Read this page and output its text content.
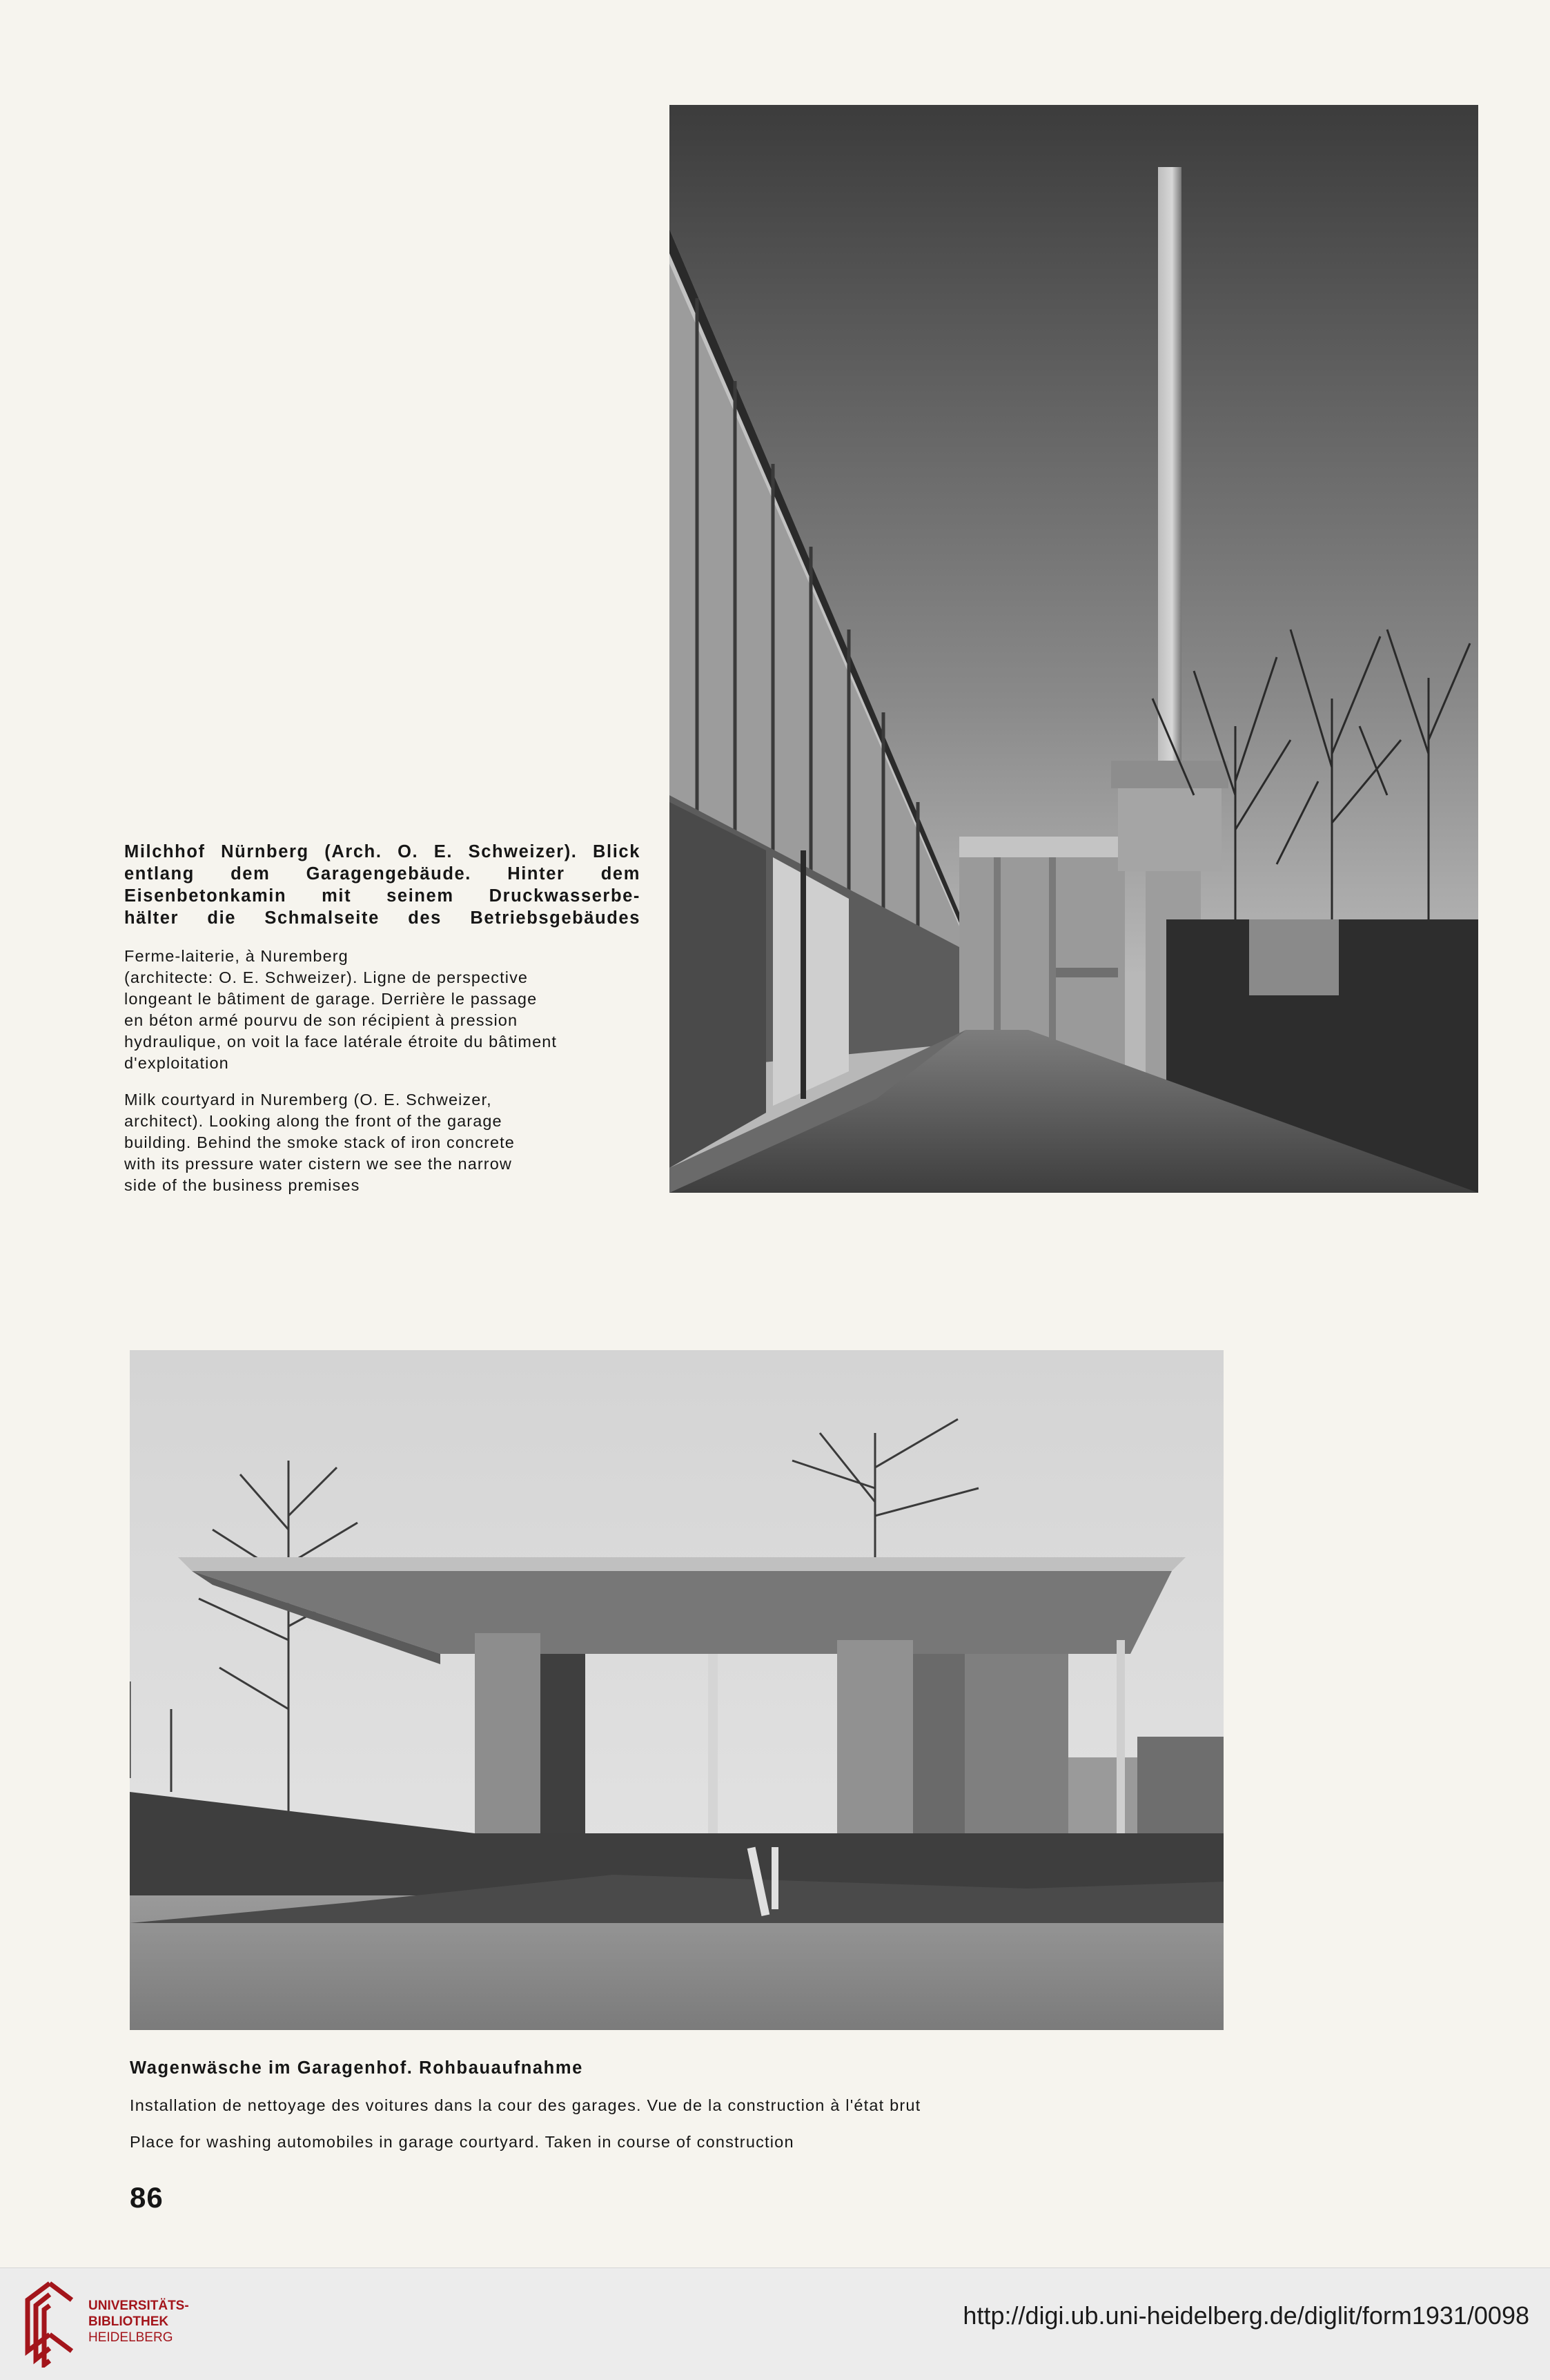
Milchhof Nürnberg (Arch. O. E. Schweizer). Blick
entlang dem Garagengebäude. Hinter dem
Eisenbetonkamin mit seinem Druckwasserbe-
hälter die Schmalseite des Betriebsgebäudes
Ferme-laiterie, à Nuremberg
(architecte: O. E. Schweizer). Ligne de perspective
longeant le bâtiment de garage. Derrière le passage
en béton armé pourvu de son récipient à pression
hydraulique, on voit la face latérale étroite du bâtiment
d'exploitation
Milk courtyard in Nuremberg (O. E. Schweizer,
architect). Looking along the front of the garage
building. Behind the smoke stack of iron concrete
with its pressure water cistern we see the narrow
side of the business premises

Wagenwäsche im Garagenhof. Rohbauaufnahme

Installation de nettoyage des voitures dans la cour des garages. Vue de la construction à l'état brut

Place for washing automobiles in garage courtyard. Taken in course of construction

86
UNIVERSITÄTS-
BIBLIOTHEK
HEIDELBERG
http://digi.ub.uni-heidelberg.de/diglit/form1931/0098
